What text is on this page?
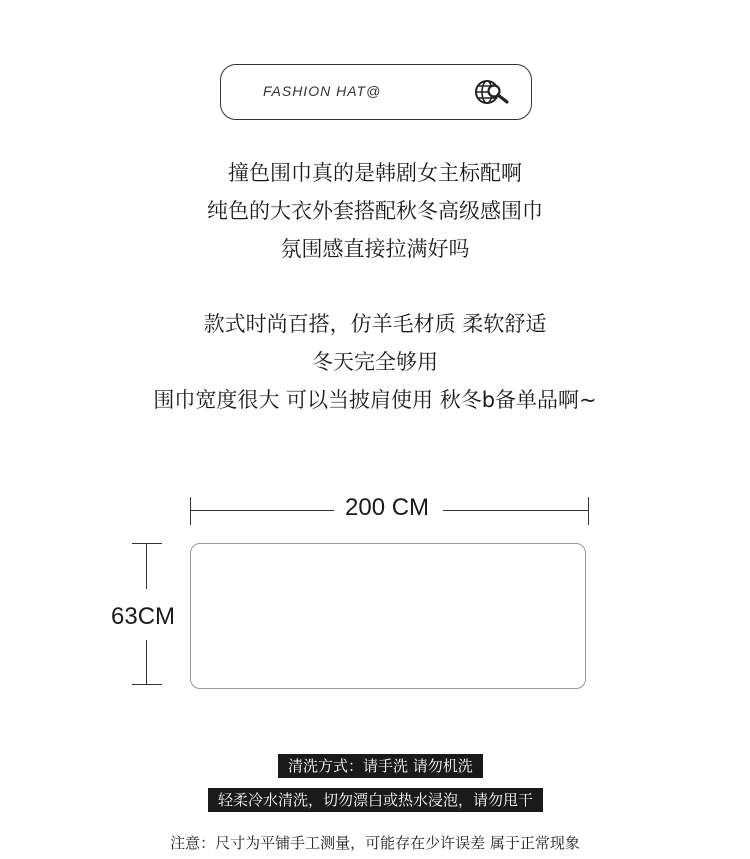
FASHION HAT@
撞色围巾真的是韩剧女主标配啊
纯色的大衣外套搭配秋冬高级感围巾
氛围感直接拉满好吗
款式时尚百搭，仿羊毛材质 柔软舒适
冬天完全够用
围巾宽度很大 可以当披肩使用 秋冬b备单品啊~
200 CM
63CM
清洗方式：请手洗 请勿机洗
轻柔冷水清洗，切勿漂白或热水浸泡，请勿甩干
注意：尺寸为平铺手工测量，可能存在少许误差 属于正常现象
